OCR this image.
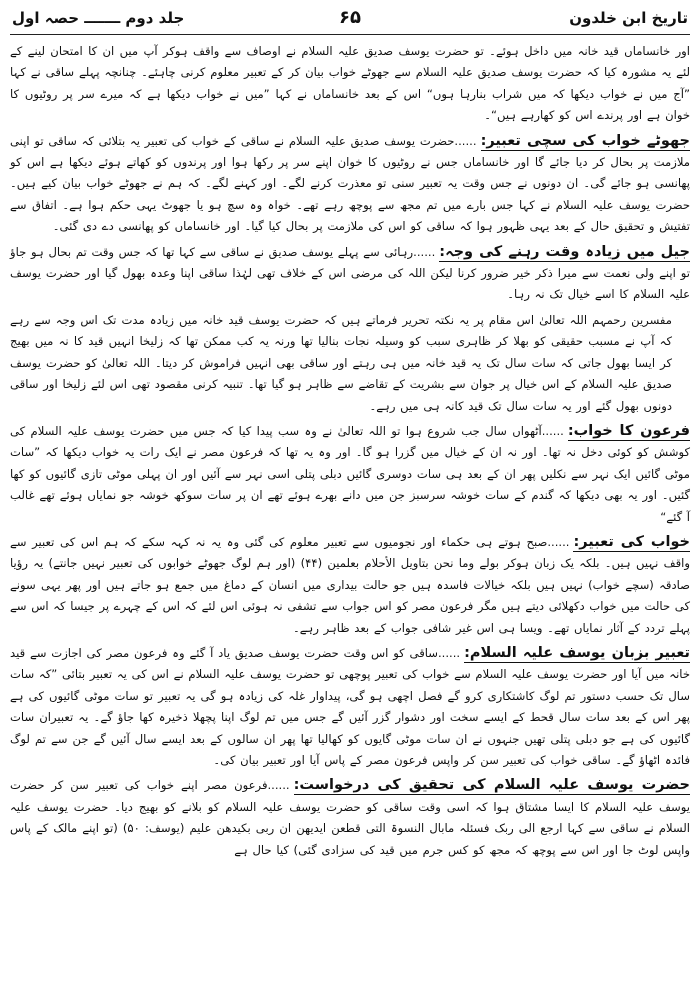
تاریخ ابن خلدون
۶۵
جلد دوم ـــــــ حصہ اول

اور خانساماں قید خانہ میں داخل ہوئے۔ تو حضرت یوسف صدیق علیہ السلام نے اوصاف سے واقف ہوکر آپ میں ان کا امتحان لینے کے لئے یہ مشورہ کیا کہ حضرت یوسف صدیق علیہ السلام سے جھوٹے خواب بیان کر کے تعبیر معلوم کرنی چاہئے۔ چنانچہ پہلے ساقی نے کہا ”آج میں نے خواب دیکھا کہ میں شراب بنارہا ہوں“ اس کے بعد خانساماں نے کہا ”میں نے خواب دیکھا ہے کہ میرے سر پر روٹیوں کا خوان ہے اور پرندے اس کو کھارہے ہیں“۔

جھوٹے خواب کی سچی تعبیر:......حضرت یوسف صدیق علیہ السلام نے ساقی کے خواب کی تعبیر یہ بتلائی کہ ساقی تو اپنی ملازمت پر بحال کر دیا جائے گا اور خانساماں جس نے روٹیوں کا خوان اپنے سر پر رکھا ہوا اور پرندوں کو کھاتے ہوئے دیکھا ہے اس کو پھانسی ہو جائے گی۔ ان دونوں نے جس وقت یہ تعبیر سنی تو معذرت کرنے لگے۔ اور کہنے لگے۔ کہ ہم نے جھوٹے خواب بیان کیے ہیں۔ حضرت یوسف علیہ السلام نے کہا جس بارے میں تم مجھ سے پوچھ رہے تھے۔ خواہ وہ سچ ہو یا جھوٹ یہی حکم ہوا ہے۔ اتفاق سے تفتیش و تحقیق حال کے بعد یہی ظہور ہوا کہ ساقی کو اس کی ملازمت پر بحال کیا گیا۔ اور خانساماں کو پھانسی دے دی گئی۔

جیل میں زیادہ وقت رہنے کی وجہ:......رہائی سے پہلے یوسف صدیق نے ساقی سے کہا تھا کہ جس وقت تم بحال ہو جاؤ تو اپنے ولی نعمت سے میرا ذکر خیر ضرور کرنا لیکن اللہ کی مرضی اس کے خلاف تھی لہٰذا ساقی اپنا وعدہ بھول گیا اور حضرت یوسف علیہ السلام کا اسے خیال تک نہ رہا۔

مفسرین رحمہم اللہ تعالیٰ اس مقام پر یہ نکتہ تحریر فرماتے ہیں کہ حضرت یوسف قید خانہ میں زیادہ مدت تک اس وجہ سے رہے کہ آپ نے مسبب حقیقی کو بھلا کر ظاہری سبب کو وسیلہ نجات بنالیا تھا ورنہ یہ کب ممکن تھا کہ زلیخا انہیں قید کا نہ میں بھیج کر ایسا بھول جاتی کہ سات سال تک یہ قید خانہ میں ہی رہتے اور ساقی بھی انہیں فراموش کر دیتا۔ اللہ تعالیٰ کو حضرت یوسف صدیق علیہ السلام کے اس خیال پر جوان سے بشریت کے تقاضے سے ظاہر ہو گیا تھا۔ تنبیہ کرنی مقصود تھی اس لئے زلیخا اور ساقی دونوں بھول گئے اور یہ سات سال تک قید کانہ ہی میں رہے۔

فرعون کا خواب:......آٹھواں سال جب شروع ہوا تو اللہ تعالیٰ نے وہ سب پیدا کیا کہ جس میں حضرت یوسف علیہ السلام کی کوشش کو کوئی دخل نہ تھا۔ اور نہ ان کے خیال میں گزرا ہو گا۔ اور وہ یہ تھا کہ فرعون مصر نے ایک رات یہ خواب دیکھا کہ ”سات موٹی گائیں ایک نہر سے نکلیں پھر ان کے بعد ہی سات دوسری گائیں دبلی پتلی اسی نہر سے آئیں اور ان پہلی موٹی تازی گائیوں کو کھا گئیں۔ اور یہ بھی دیکھا کہ گندم کے سات خوشہ سرسبز جن میں دانے بھرے ہوئے تھے ان پر سات سوکھ خوشہ جو نمایاں ہوئے تھے غالب آ گئے“

خواب کی تعبیر:......صبح ہوتے ہی حکماء اور نجومیوں سے تعبیر معلوم کی گئی وہ یہ نہ کہہ سکے کہ ہم اس کی تعبیر سے واقف نہیں ہیں۔ بلکہ یک زبان ہوکر بولے وما نحن بتاویل الأحلام بعلمین (۴۴) (اور ہم لوگ جھوٹے خوابوں کی تعبیر نہیں جانتے) یہ رؤیا صادقہ (سچے خواب) نہیں ہیں بلکہ خیالات فاسدہ ہیں جو حالت بیداری میں انسان کے دماغ میں جمع ہو جاتے ہیں اور پھر یہی سونے کی حالت میں خواب دکھلائی دیتے ہیں مگر فرعون مصر کو اس جواب سے تشفی نہ ہوئی اس لئے کہ اس کے چہرے پر جیسا کہ اس سے پہلے تردد کے آثار نمایاں تھے۔ ویسا ہی اس غیر شافی جواب کے بعد ظاہر رہے۔

تعبیر بزبان یوسف علیہ السلام:......ساقی کو اس وقت حضرت یوسف صدیق یاد آ گئے وہ فرعون مصر کی اجازت سے قید خانہ میں آیا اور حضرت یوسف علیہ السلام سے خواب کی تعبیر پوچھی تو حضرت یوسف علیہ السلام نے اس کی یہ تعبیر بتائی ”کہ سات سال تک حسب دستور تم لوگ کاشتکاری کرو گے فصل اچھی ہو گی، پیداوار غلہ کی زیادہ ہو گی یہ تعبیر تو سات موٹی گائیوں کی ہے پھر اس کے بعد سات سال قحط کے ایسے سخت اور دشوار گزر آئیں گے جس میں تم لوگ اپنا پچھلا ذخیرہ کھا جاؤ گے۔ یہ تعبیران سات گائیوں کی ہے جو دبلی پتلی تھیں جنہوں نے ان سات موٹی گایوں کو کھالیا تھا پھر ان سالوں کے بعد ایسے سال آئیں گے جن سے تم لوگ فائدہ اٹھاؤ گے۔ ساقی خواب کی تعبیر سن کر واپس فرعون مصر کے پاس آیا اور تعبیر بیان کی۔

حضرت یوسف علیہ السلام کی تحقیق کی درخواست:......فرعون مصر اپنے خواب کی تعبیر سن کر حضرت یوسف علیہ السلام کا ایسا مشتاق ہوا کہ اسی وقت ساقی کو حضرت یوسف علیہ السلام کو بلانے کو بھیج دیا۔ حضرت یوسف علیہ السلام نے ساقی سے کہا ارجع الی ربک فسئلہ مابال النسوۃ التی قطعن ایدیھن ان ربی بکیدھن علیم (یوسف: ۵۰) (تو اپنے مالک کے پاس واپس لوٹ جا اور اس سے پوچھ کہ مجھ کو کس جرم میں قید کی سزادی گئی) کیا حال ہے
